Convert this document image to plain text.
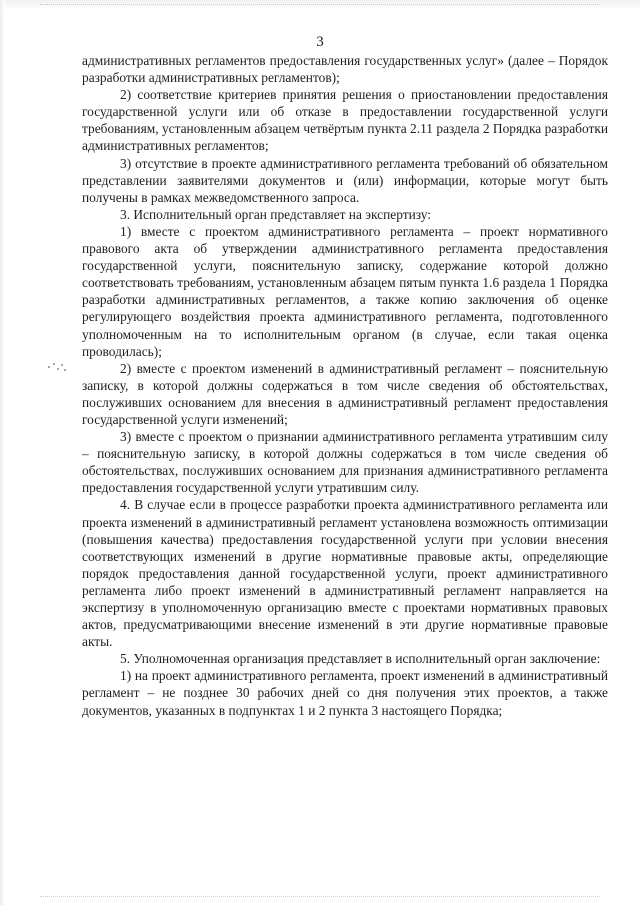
3

административных регламентов предоставления государственных услуг» (далее – Порядок разработки административных регламентов);

2) соответствие критериев принятия решения о приостановлении предоставления государственной услуги или об отказе в предоставлении государственной услуги требованиям, установленным абзацем четвёртым пункта 2.11 раздела 2 Порядка разработки административных регламентов;

3) отсутствие в проекте административного регламента требований об обязательном представлении заявителями документов и (или) информации, которые могут быть получены в рамках межведомственного запроса.

3. Исполнительный орган представляет на экспертизу:

1) вместе с проектом административного регламента – проект нормативного правового акта об утверждении административного регламента предоставления государственной услуги, пояснительную записку, содержание которой должно соответствовать требованиям, установленным абзацем пятым пункта 1.6 раздела 1 Порядка разработки административных регламентов, а также копию заключения об оценке регулирующего воздействия проекта административного регламента, подготовленного уполномоченным на то исполнительным органом (в случае, если такая оценка проводилась);

2) вместе с проектом изменений в административный регламент – пояснительную записку, в которой должны содержаться в том числе сведения об обстоятельствах, послуживших основанием для внесения в административный регламент предоставления государственной услуги изменений;

3) вместе с проектом о признании административного регламента утратившим силу – пояснительную записку, в которой должны содержаться в том числе сведения об обстоятельствах, послуживших основанием для признания административного регламента предоставления государственной услуги утратившим силу.

4. В случае если в процессе разработки проекта административного регламента или проекта изменений в административный регламент установлена возможность оптимизации (повышения качества) предоставления государственной услуги при условии внесения соответствующих изменений в другие нормативные правовые акты, определяющие порядок предоставления данной государственной услуги, проект административного регламента либо проект изменений в административный регламент направляется на экспертизу в уполномоченную организацию вместе с проектами нормативных правовых актов, предусматривающими внесение изменений в эти другие нормативные правовые акты.

5. Уполномоченная организация представляет в исполнительный орган заключение:

1) на проект административного регламента, проект изменений в административный регламент – не позднее 30 рабочих дней со дня получения этих проектов, а также документов, указанных в подпунктах 1 и 2 пункта 3 настоящего Порядка;
